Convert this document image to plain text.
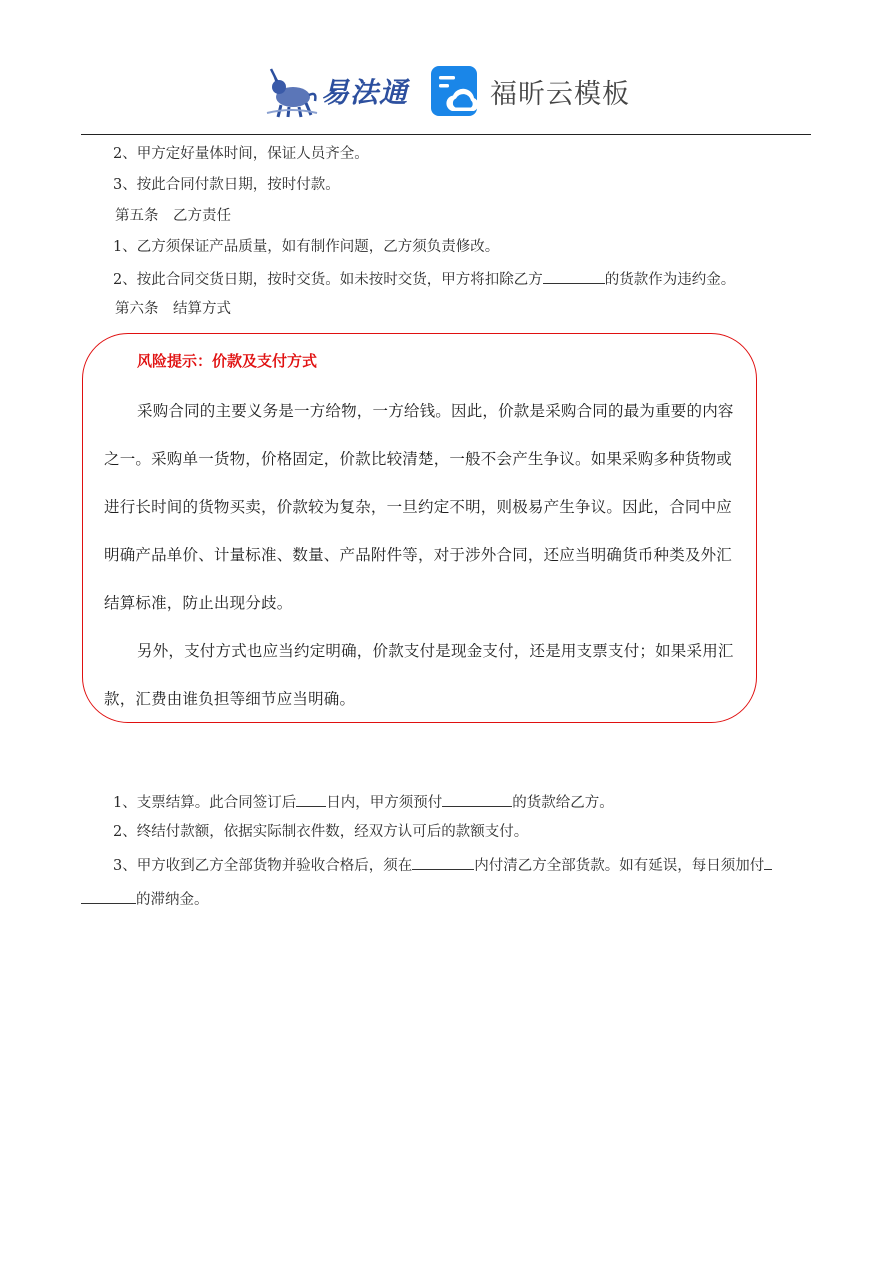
易法通	福昕云模板
2、甲方定好量体时间，保证人员齐全。
3、按此合同付款日期，按时付款。
第五条　乙方责任
1、乙方须保证产品质量，如有制作问题，乙方须负责修改。
2、按此合同交货日期，按时交货。如未按时交货，甲方将扣除乙方	的货款作为违约金。
第六条　结算方式
风险提示：价款及支付方式
采购合同的主要义务是一方给物，一方给钱。因此，价款是采购合同的最为重要的内容
之一。采购单一货物，价格固定，价款比较清楚，一般不会产生争议。如果采购多种货物或
进行长时间的货物买卖，价款较为复杂，一旦约定不明，则极易产生争议。因此，合同中应
明确产品单价、计量标准、数量、产品附件等，对于涉外合同，还应当明确货币种类及外汇
结算标准，防止出现分歧。
另外，支付方式也应当约定明确，价款支付是现金支付，还是用支票支付；如果采用汇
款，汇费由谁负担等细节应当明确。
1、支票结算。此合同签订后 日内，甲方须预付	的货款给乙方。
2、终结付款额，依据实际制衣件数，经双方认可后的款额支付。
3、甲方收到乙方全部货物并验收合格后，须在	内付清乙方全部货款。如有延误，每日须加付
的滞纳金。
